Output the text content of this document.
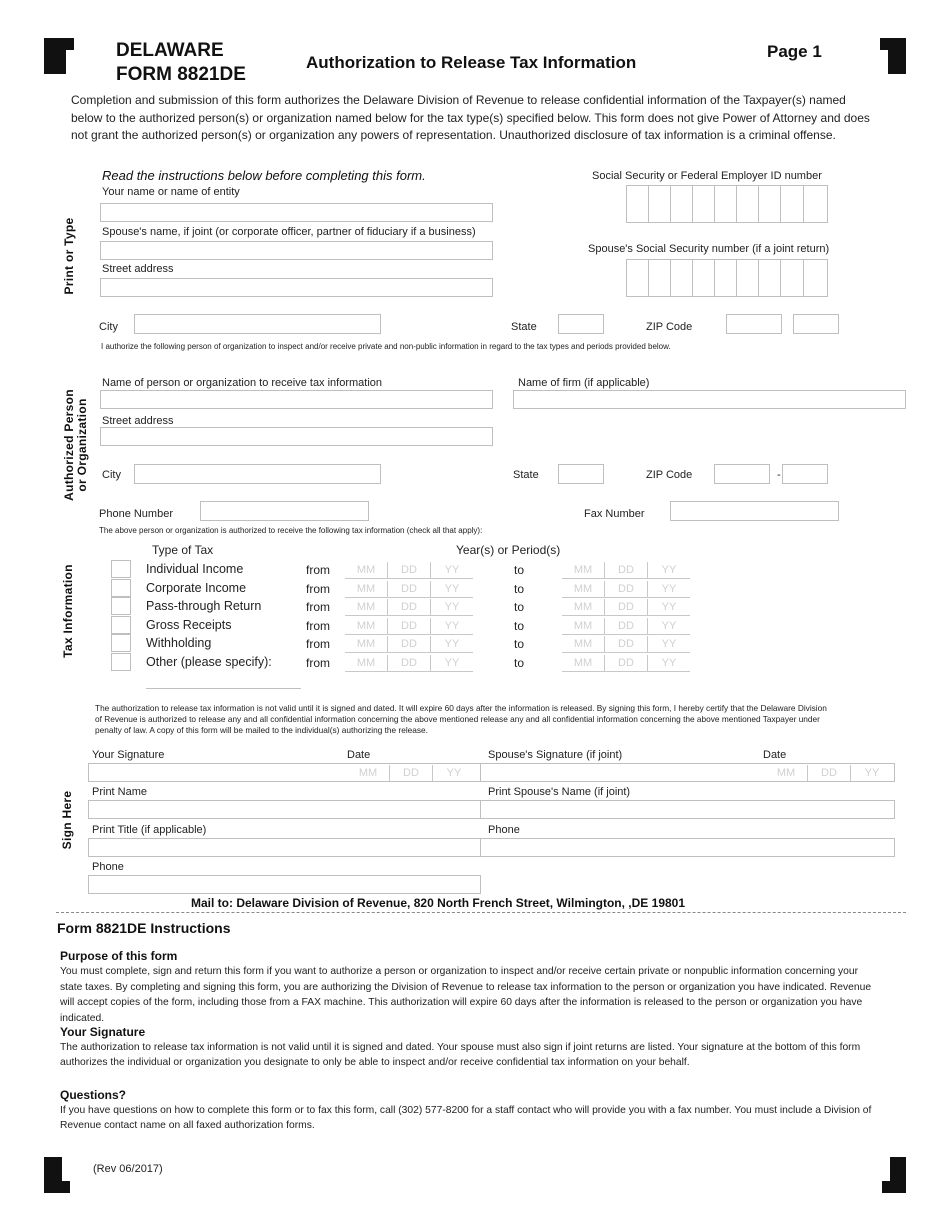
DELAWARE
FORM 8821DE
Authorization to Release Tax Information
Page 1
Completion and submission of this form authorizes the Delaware Division of Revenue to release confidential information of the Taxpayer(s) named below to the authorized person(s) or organization named below for the tax type(s) specified below. This form does not give Power of Attorney and does not grant the authorized person(s) or organization any powers of representation. Unauthorized disclosure of tax information is a criminal offense.
Print or Type
Read the instructions below before completing this form.
Your name or name of entity
Social Security or Federal Employer ID number
Spouse's name, if joint (or corporate officer, partner of fiduciary if a business)
Spouse's Social Security number (if a joint return)
Street address
City	State	ZIP Code
I authorize the following person of organization to inspect and/or receive private and non-public information in regard to the tax types and periods provided below.
Authorized Person
or Organization
Name of person or organization to receive tax information	Name of firm (if applicable)
Street address
City	State	ZIP Code	-
Phone Number	Fax Number
The above person or organization is authorized to receive the following tax information (check all that apply):
Tax Information
Type of Tax	Year(s) or Period(s)
Individual Income	from	MM	DD	YY	to	MM	DD	YY
Corporate Income	from	MM	DD	YY	to	MM	DD	YY
Pass-through Return	from	MM	DD	YY	to	MM	DD	YY
Gross Receipts	from	MM	DD	YY	to	MM	DD	YY
Withholding	from	MM	DD	YY	to	MM	DD	YY
Other (please specify):	from	MM	DD	YY	to	MM	DD	YY
The authorization to release tax information is not valid until it is signed and dated. It will expire 60 days after the information is released. By signing this form, I hereby certify that the Delaware Division of Revenue is authorized to release any and all confidential information concerning the above mentioned release any and all confidential information concerning the above mentioned Taxpayer under penalty of law. A copy of this form will be mailed to the individual(s) authorizing the release.
Sign Here
Your Signature	Date	Spouse's Signature (if joint)	Date
MM	DD	YY	MM	DD	YY
Print Name	Print Spouse's Name (if joint)
Print Title (if applicable)	Phone
Phone
Mail to: Delaware Division of Revenue, 820 North French Street, Wilmington, ,DE 19801
Form 8821DE Instructions
Purpose of this form
You must complete, sign and return this form if you want to authorize a person or organization to inspect and/or receive certain private or nonpublic information concerning your state taxes. By completing and signing this form, you are authorizing the Division of Revenue to release tax information to the person or organization you have indicated. Revenue will accept copies of the form, including those from a FAX machine. This authorization will expire 60 days after the information is released to the person or organization you have indicated.
Your Signature
The authorization to release tax information is not valid until it is signed and dated. Your spouse must also sign if joint returns are listed. Your signature at the bottom of this form authorizes the individual or organization you designate to only be able to inspect and/or receive confidential tax information on your behalf.
Questions?
If you have questions on how to complete this form or to fax this form, call (302) 577-8200 for a staff contact who will provide you with a fax number. You must include a Division of Revenue contact name on all faxed authorization forms.
(Rev 06/2017)
